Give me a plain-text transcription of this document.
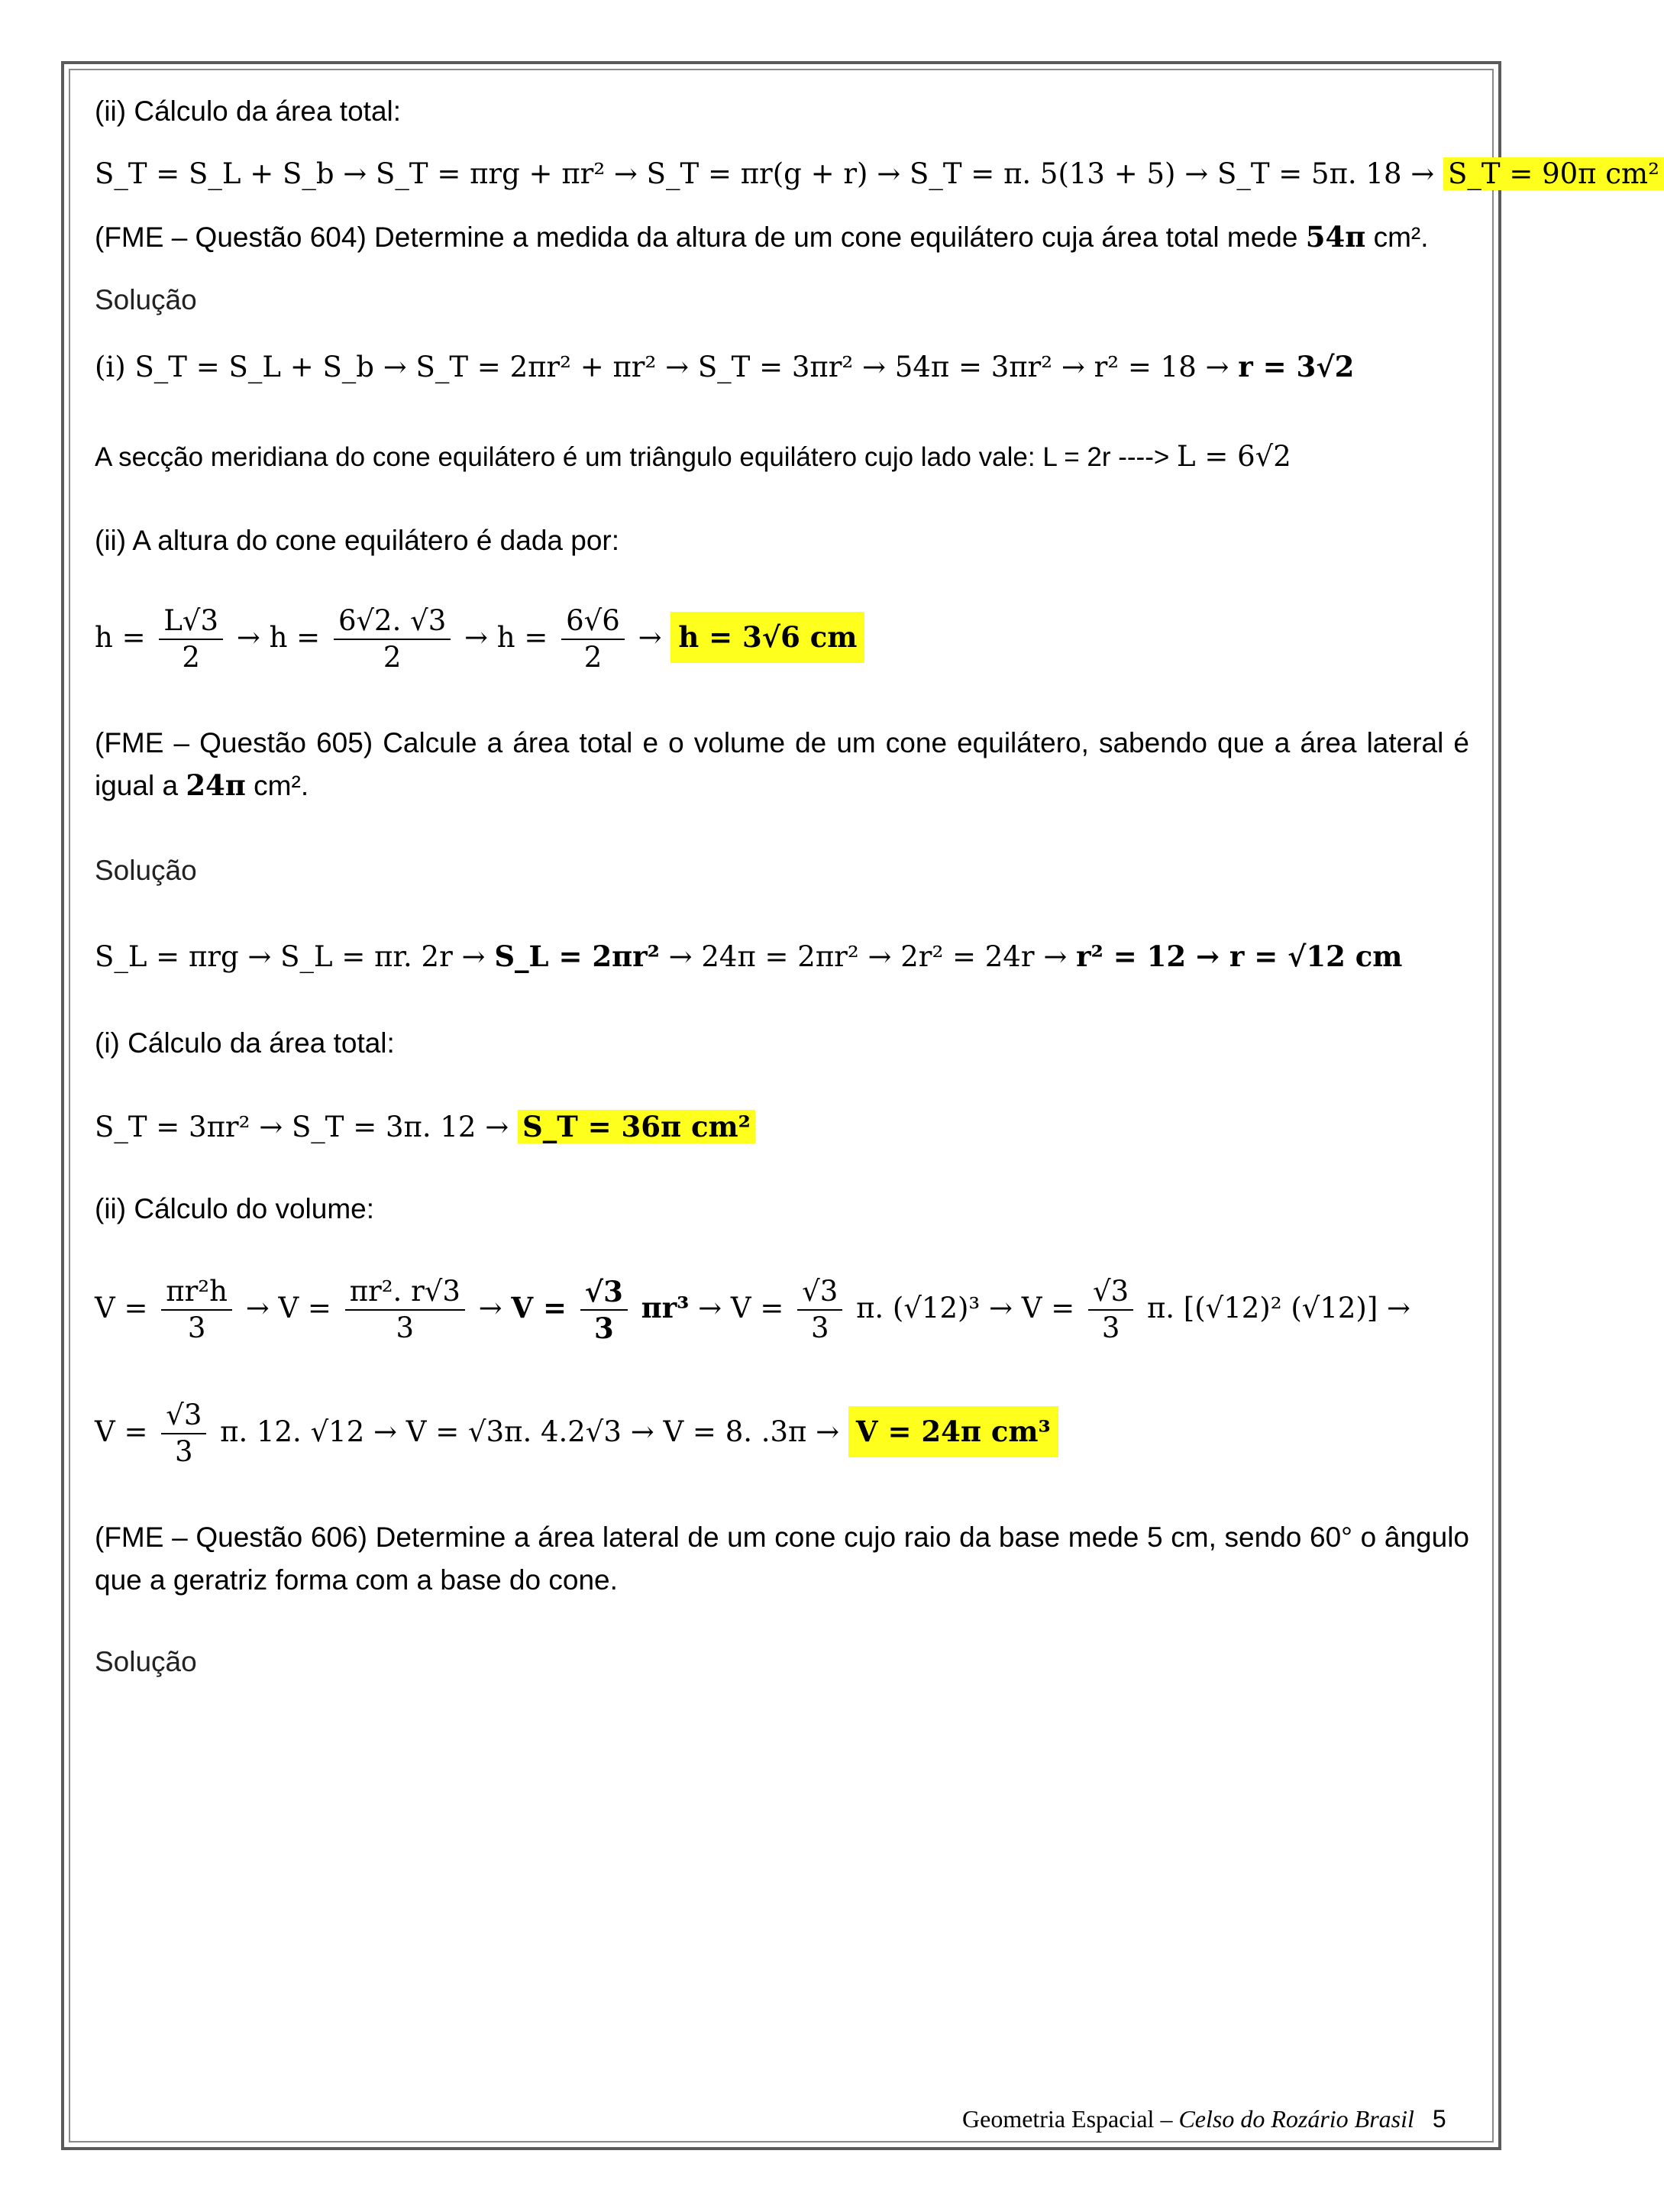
(ii) Cálculo da área total:
S_T = S_L + S_b → S_T = πrg + πr² → S_T = πr(g + r) → S_T = π. 5(13 + 5) → S_T = 5π. 18 → S_T = 90π cm²
(FME – Questão 604) Determine a medida da altura de um cone equilátero cuja área total mede 54π cm².
Solução
(i) S_T = S_L + S_b → S_T = 2πr² + πr² → S_T = 3πr² → 54π = 3πr² → r² = 18 → r = 3√2
A secção meridiana do cone equilátero é um triângulo equilátero cujo lado vale: L = 2r ----> L = 6√2
(ii) A altura do cone equilátero é dada por:
$h = \frac{L√3}{2} \to h = \frac{6√2. √3}{2} \to h = \frac{6√6}{2} \to h = 3√6$ cm
(FME – Questão 605) Calcule a área total e o volume de um cone equilátero, sabendo que a área lateral é igual a 24π cm².
Solução
S_L = πrg → S_L = πr. 2r → S_L = 2πr² → 24π = 2πr² → 2r² = 24r → r² = 12 → r = √12 cm
(i) Cálculo da área total:
S_T = 3πr² → S_T = 3π. 12 → S_T = 36π cm²
(ii) Cálculo do volume:
$V = \frac{\text{πr²h}}{3} \to V = \frac{\text{πr². r√3}}{3} \to V = \frac{√3}{3} \pi r^3 \to V = \frac{√3}{3} \pi$. $(√12)^3 \to V = \frac{√3}{3} \pi$. [(√12)² (√12)] →
$V = \frac{√3}{3} \pi$. 12. √12 → V = √3π. 4.2√3 → V = 8. .3π → V = 24π cm³
(FME – Questão 606) Determine a área lateral de um cone cujo raio da base mede 5 cm, sendo 60° o ângulo que a geratriz forma com a base do cone.
Solução
Geometria Espacial – Celso do Rozário Brasil 5
